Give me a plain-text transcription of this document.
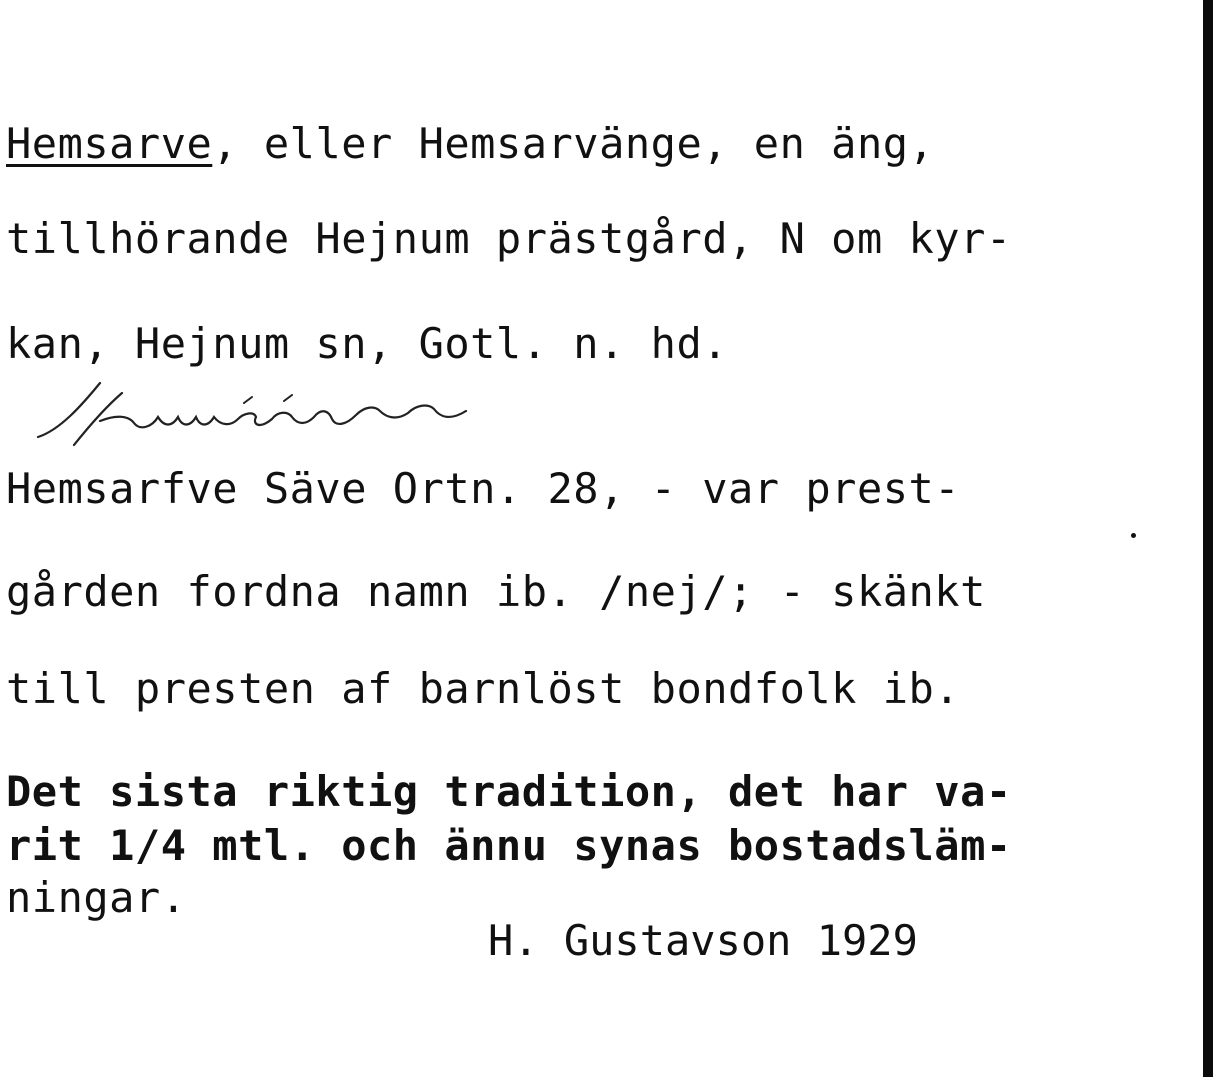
Hemsarve, eller Hemsarvänge, en äng,
tillhörande Hejnum prästgård, N om kyr-
kan, Hejnum sn, Gotl. n. hd.
Hemsarfve Säve Ortn. 28, - var prest-
gården fordna namn ib. /nej/; - skänkt
till presten af barnlöst bondfolk ib.
Det sista riktig tradition, det har va-
rit 1/4 mtl. och ännu synas bostadsläm-
ningar.
H. Gustavson 1929
